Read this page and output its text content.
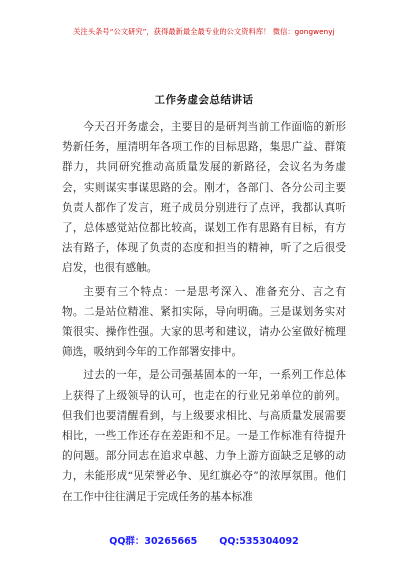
关注头条号“公文研究”，获得最新最全最专业的公文资料库！ 微信：gongwenyj
工作务虚会总结讲话

今天召开务虚会，主要目的是研判当前工作面临的新形势新任务，厘清明年各项工作的目标思路，集思广益、群策群力，共同研究推动高质量发展的新路径，会议名为务虚会，实则谋实事谋思路的会。刚才，各部门、各分公司主要负责人都作了发言，班子成员分别进行了点评，我都认真听了，总体感觉站位都比较高，谋划工作有思路有目标，有方法有路子，体现了负责的态度和担当的精神，听了之后很受启发，也很有感触。

主要有三个特点：一是思考深入、准备充分、言之有物。二是站位精准、紧扣实际，导向明确。三是谋划务实对策很实、操作性强。大家的思考和建议，请办公室做好梳理筛选，吸纳到今年的工作部署安排中。

过去的一年，是公司强基固本的一年，一系列工作总体上获得了上级领导的认可，也走在的行业兄弟单位的前列。但我们也要清醒看到，与上级要求相比、与高质量发展需要相比，一些工作还存在差距和不足。一是工作标准有待提升的问题。部分同志在追求卓越、力争上游方面缺乏足够的动力，未能形成“见荣誉必争、见红旗必夺”的浓厚氛围。他们在工作中往往满足于完成任务的基本标准

QQ群：30265665 QQ:535304092
